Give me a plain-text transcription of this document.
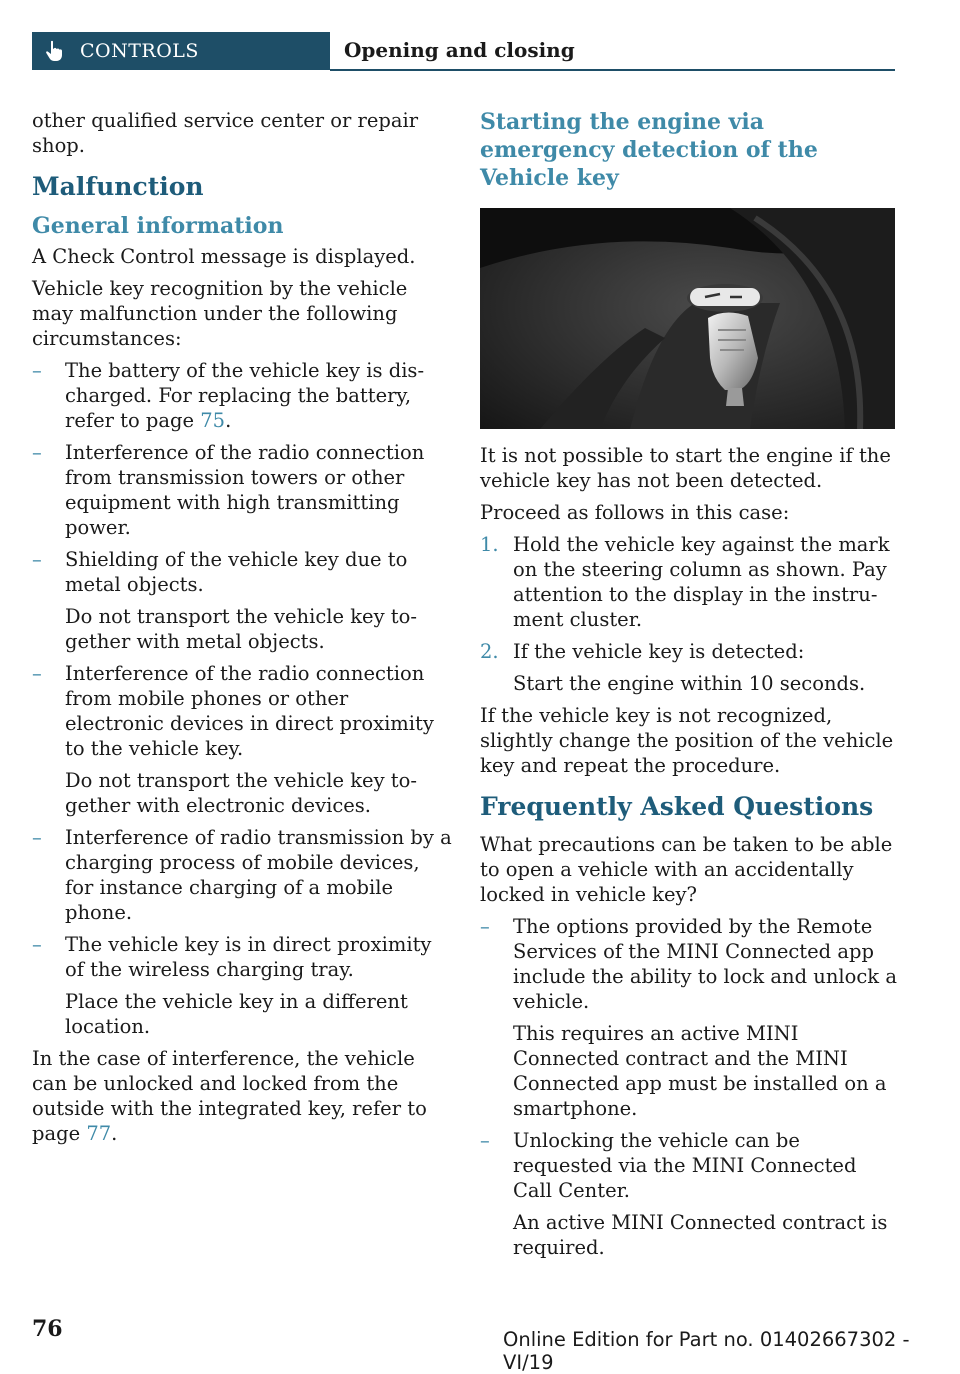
CONTROLS	Opening and closing

other qualified service center or repair shop.

Malfunction
General information

A Check Control message is displayed.

Vehicle key recognition by the vehicle may malfunction under the following circumstances:

– The battery of the vehicle key is discharged. For replacing the battery, refer to page 75.

– Interference of the radio connection from transmission towers or other equipment with high transmitting power.

– Shielding of the vehicle key due to metal objects.

Do not transport the vehicle key together with metal objects.

– Interference of the radio connection from mobile phones or other electronic devices in direct proximity to the vehicle key.

Do not transport the vehicle key together with electronic devices.

– Interference of radio transmission by a charging process of mobile devices, for instance charging of a mobile phone.

– The vehicle key is in direct proximity of the wireless charging tray.

Place the vehicle key in a different location.

In the case of interference, the vehicle can be unlocked and locked from the outside with the integrated key, refer to page 77.

Starting the engine via emergency detection of the Vehicle key

It is not possible to start the engine if the vehicle key has not been detected.

Proceed as follows in this case:

1. Hold the vehicle key against the mark on the steering column as shown. Pay attention to the display in the instrument cluster.

2. If the vehicle key is detected:

Start the engine within 10 seconds.

If the vehicle key is not recognized, slightly change the position of the vehicle key and repeat the procedure.

Frequently Asked Questions

What precautions can be taken to be able to open a vehicle with an accidentally locked in vehicle key?

– The options provided by the Remote Services of the MINI Connected app include the ability to lock and unlock a vehicle.

This requires an active MINI Connected contract and the MINI Connected app must be installed on a smartphone.

– Unlocking the vehicle can be requested via the MINI Connected Call Center.

An active MINI Connected contract is required.

76	Online Edition for Part no. 01402667302 - VI/19
